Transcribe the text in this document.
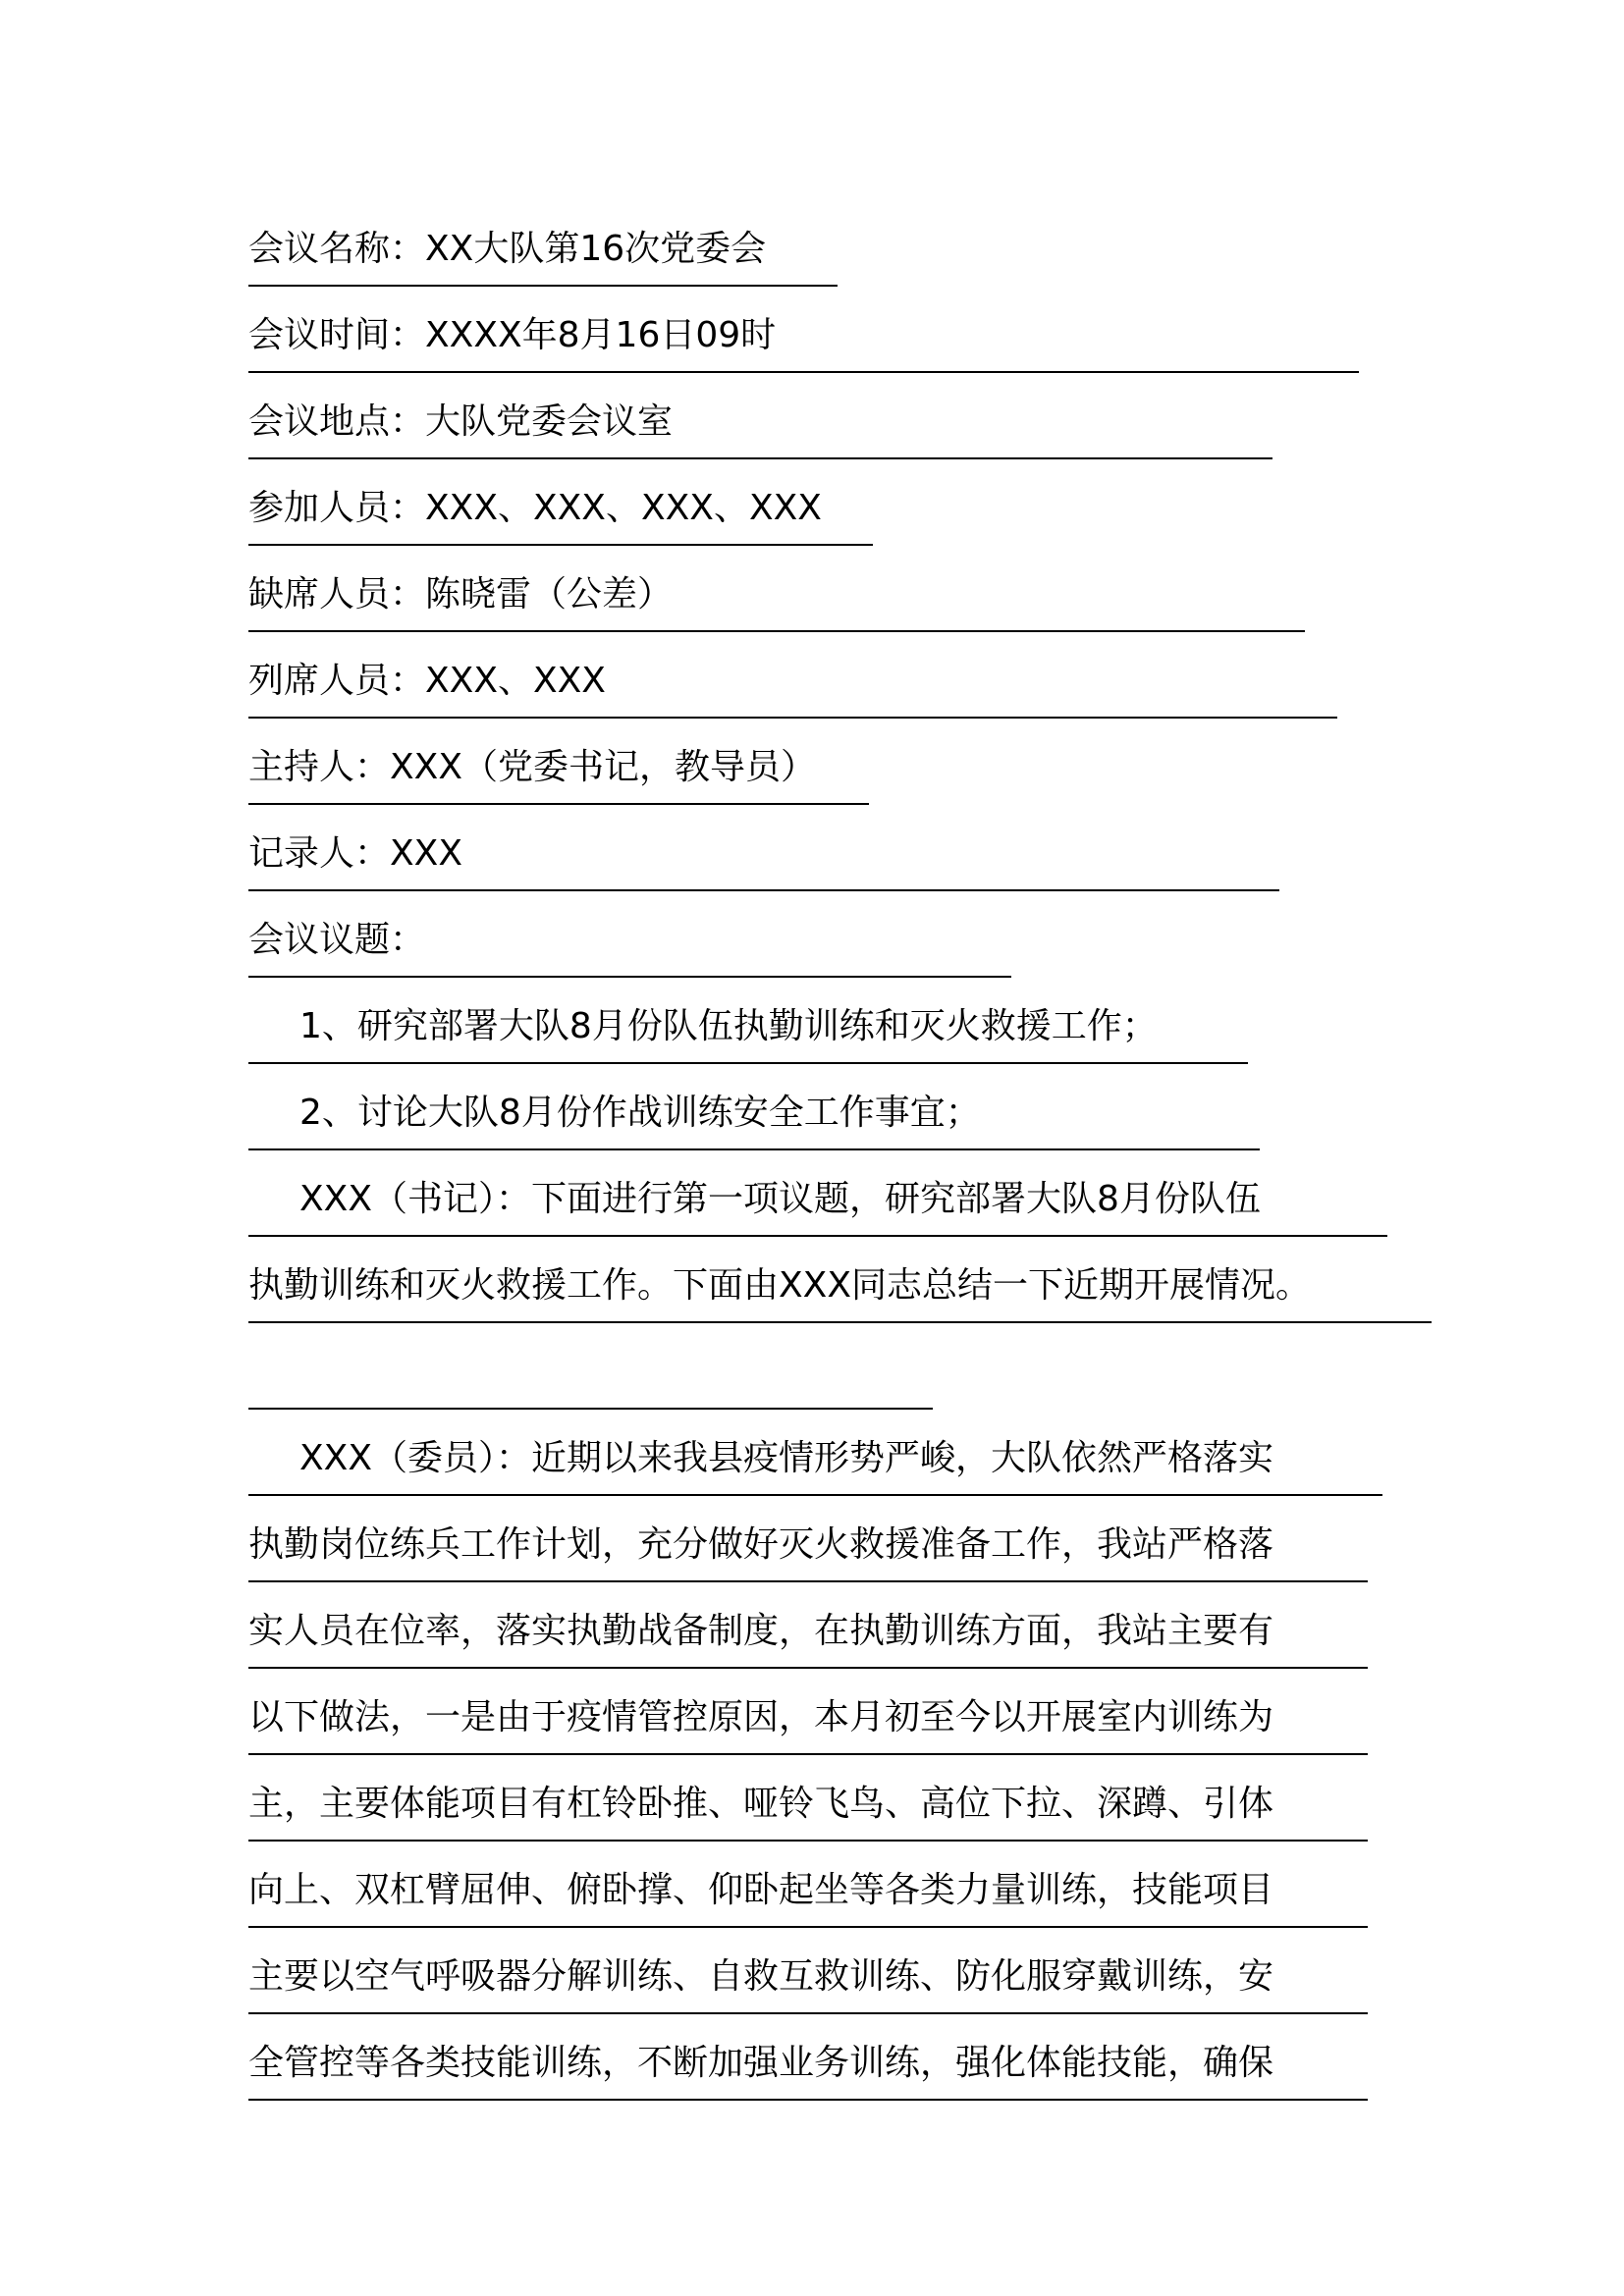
会议名称：XX大队第16次党委会
会议时间：XXXX年8月16日09时
会议地点：大队党委会议室
参加人员：XXX、XXX、XXX、XXX
缺席人员：陈晓雷（公差）
列席人员：XXX、XXX
主持人：XXX（党委书记，教导员）
记录人：XXX
会议议题：
1、研究部署大队8月份队伍执勤训练和灭火救援工作；
2、讨论大队8月份作战训练安全工作事宜；
XXX（书记）：下面进行第一项议题，研究部署大队8月份队伍
执勤训练和灭火救援工作。下面由XXX同志总结一下近期开展情况。
XXX（委员）：近期以来我县疫情形势严峻，大队依然严格落实
执勤岗位练兵工作计划，充分做好灭火救援准备工作，我站严格落
实人员在位率，落实执勤战备制度，在执勤训练方面，我站主要有
以下做法，一是由于疫情管控原因，本月初至今以开展室内训练为
主，主要体能项目有杠铃卧推、哑铃飞鸟、高位下拉、深蹲、引体
向上、双杠臂屈伸、俯卧撑、仰卧起坐等各类力量训练，技能项目
主要以空气呼吸器分解训练、自救互救训练、防化服穿戴训练，安
全管控等各类技能训练，不断加强业务训练，强化体能技能，确保
